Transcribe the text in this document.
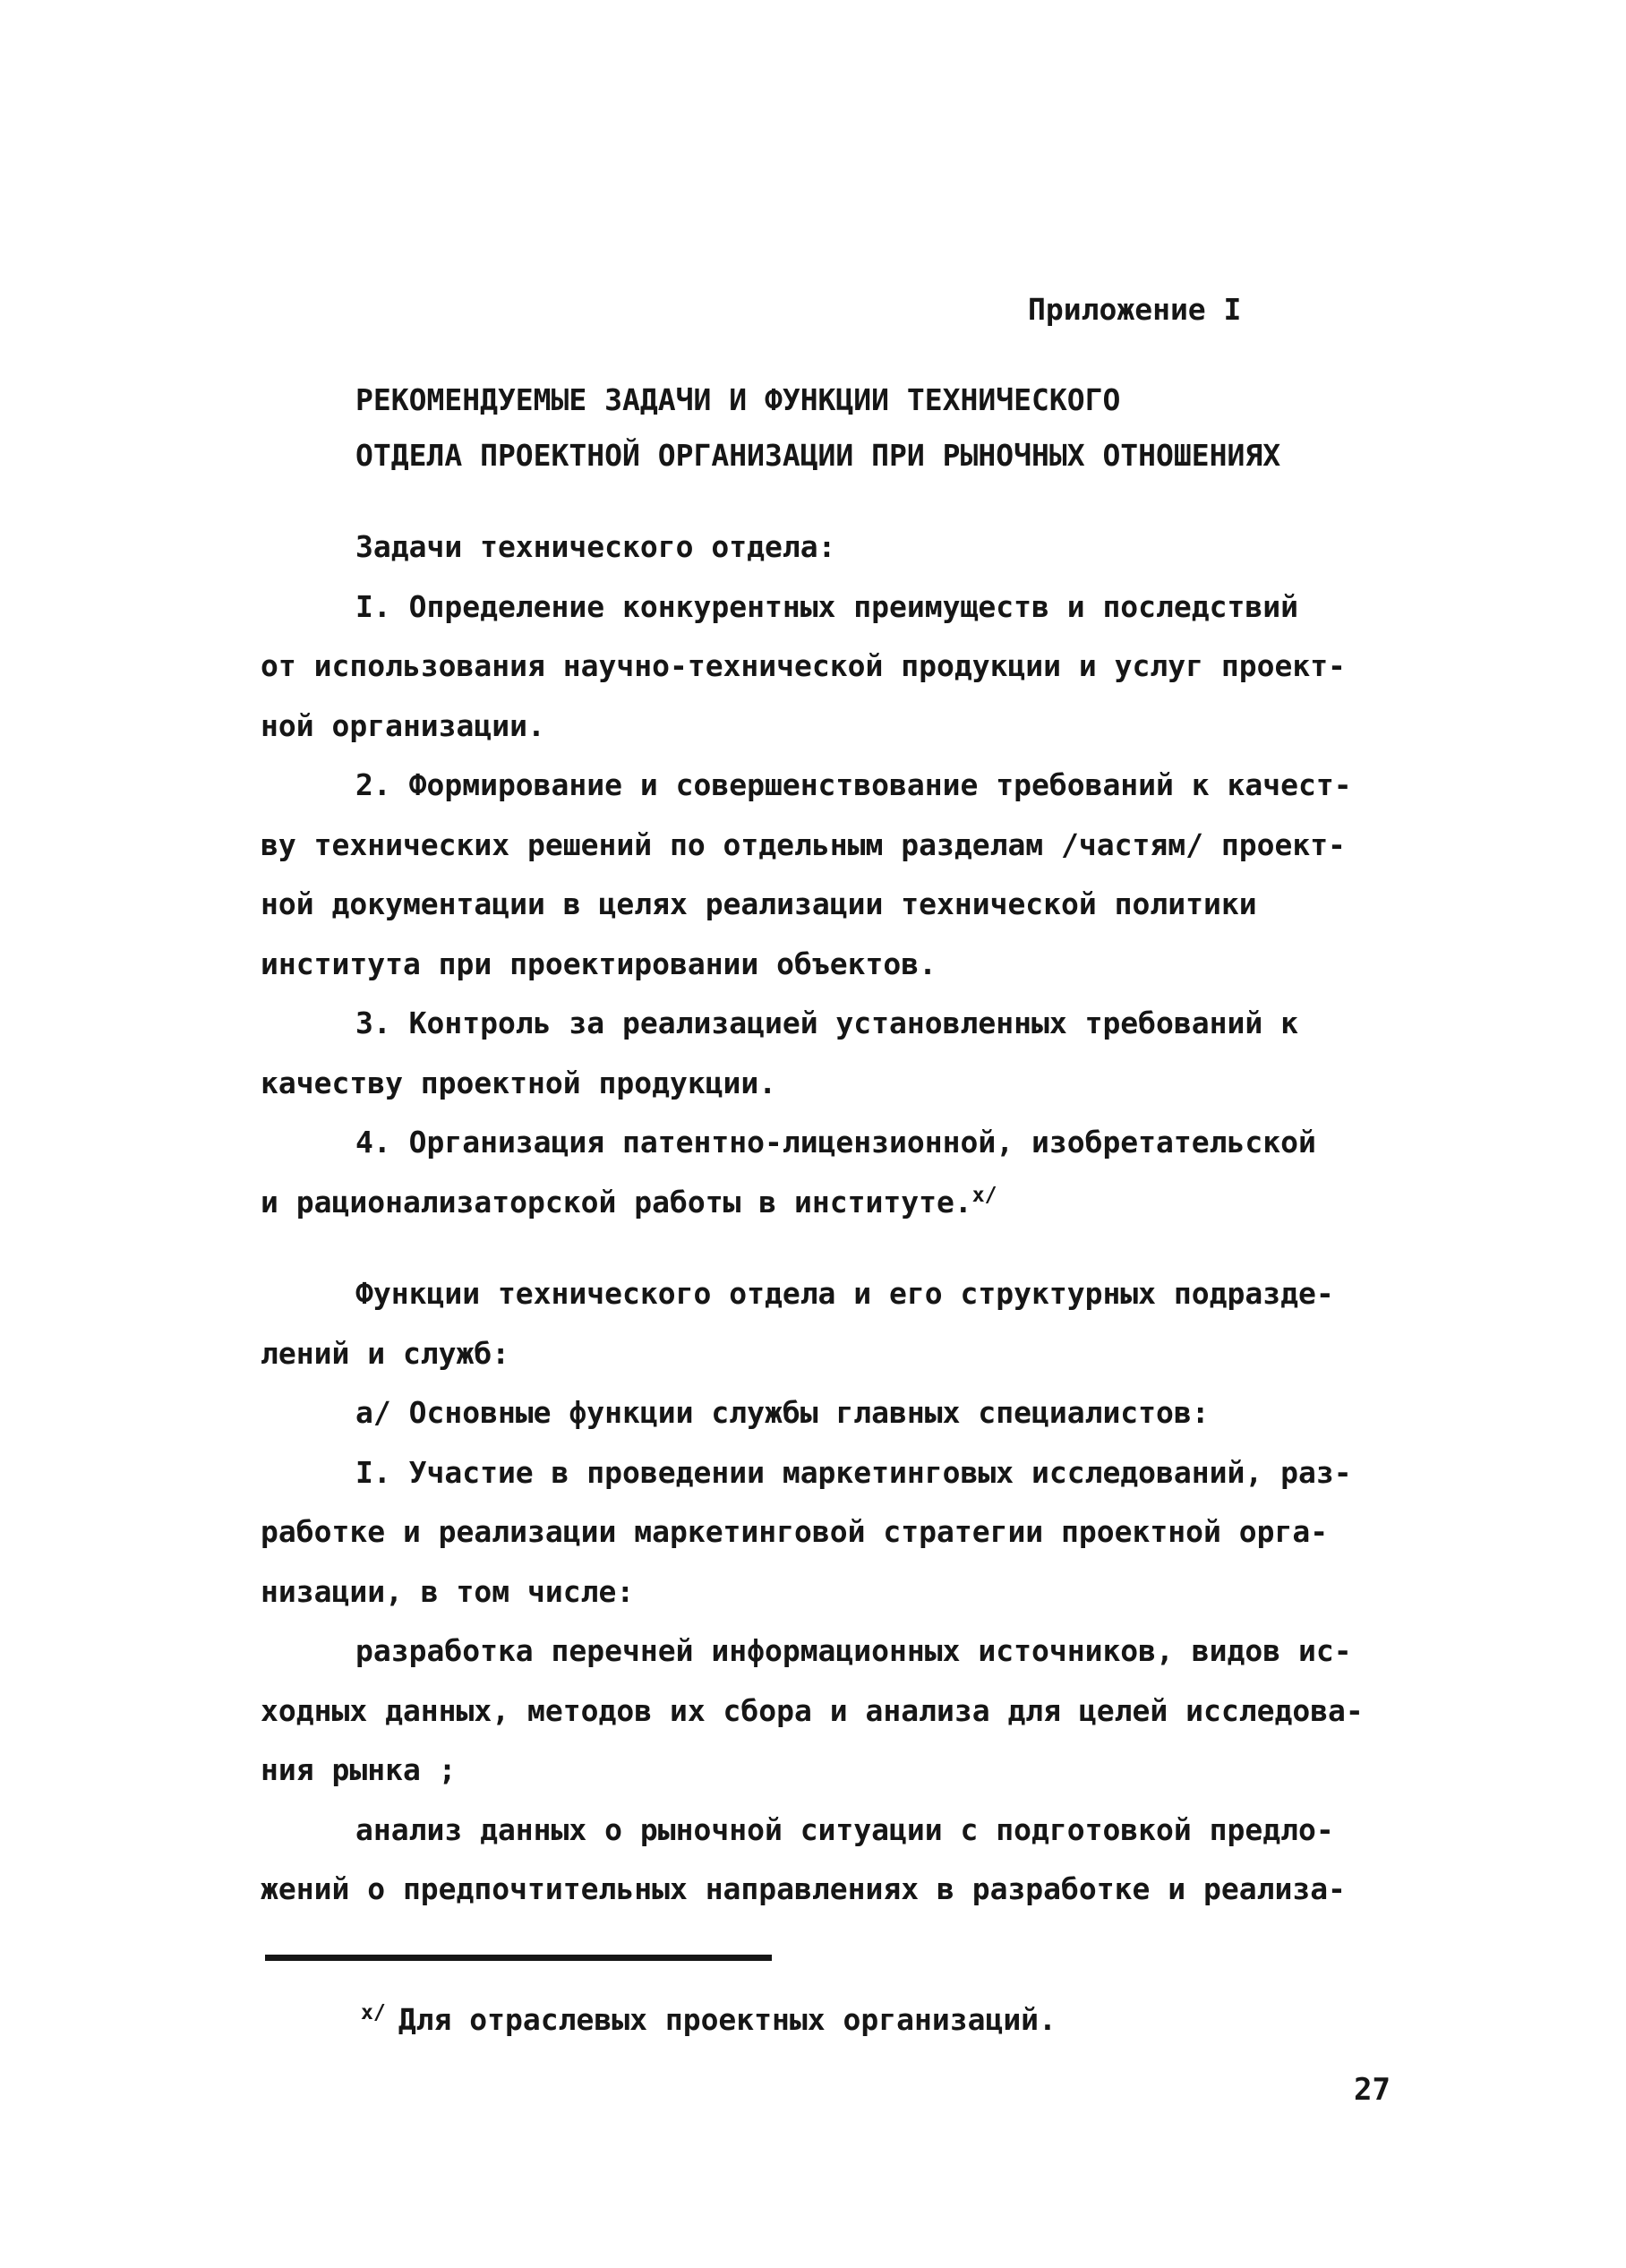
Приложение I
РЕКОМЕНДУЕМЫЕ ЗАДАЧИ И ФУНКЦИИ ТЕХНИЧЕСКОГО
ОТДЕЛА ПРОЕКТНОЙ ОРГАНИЗАЦИИ ПРИ РЫНОЧНЫХ ОТНОШЕНИЯХ
Задачи технического отдела:
I. Определение конкурентных преимуществ и последствий
от использования научно-технической продукции и услуг проект-
ной организации.
2. Формирование и совершенствование требований к качест-
ву технических решений по отдельным разделам /частям/ проект-
ной документации в целях реализации технической политики
института при проектировании объектов.
3. Контроль за реализацией установленных требований к
качеству проектной продукции.
4. Организация патентно-лицензионной, изобретательской
и рационализаторской работы в институте.$^{х/}$
Функции технического отдела и его структурных подразде-
лений и служб:
а/ Основные функции службы главных специалистов:
I. Участие в проведении маркетинговых исследований, раз-
работке и реализации маркетинговой стратегии проектной орга-
низации, в том числе:
разработка перечней информационных источников, видов ис-
ходных данных, методов их сбора и анализа для целей исследова-
ния рынка ;
анализ данных о рыночной ситуации с подготовкой предло-
жений о предпочтительных направлениях в разработке и реализа-
$^{х/}$ Для отраслевых проектных организаций.
27
